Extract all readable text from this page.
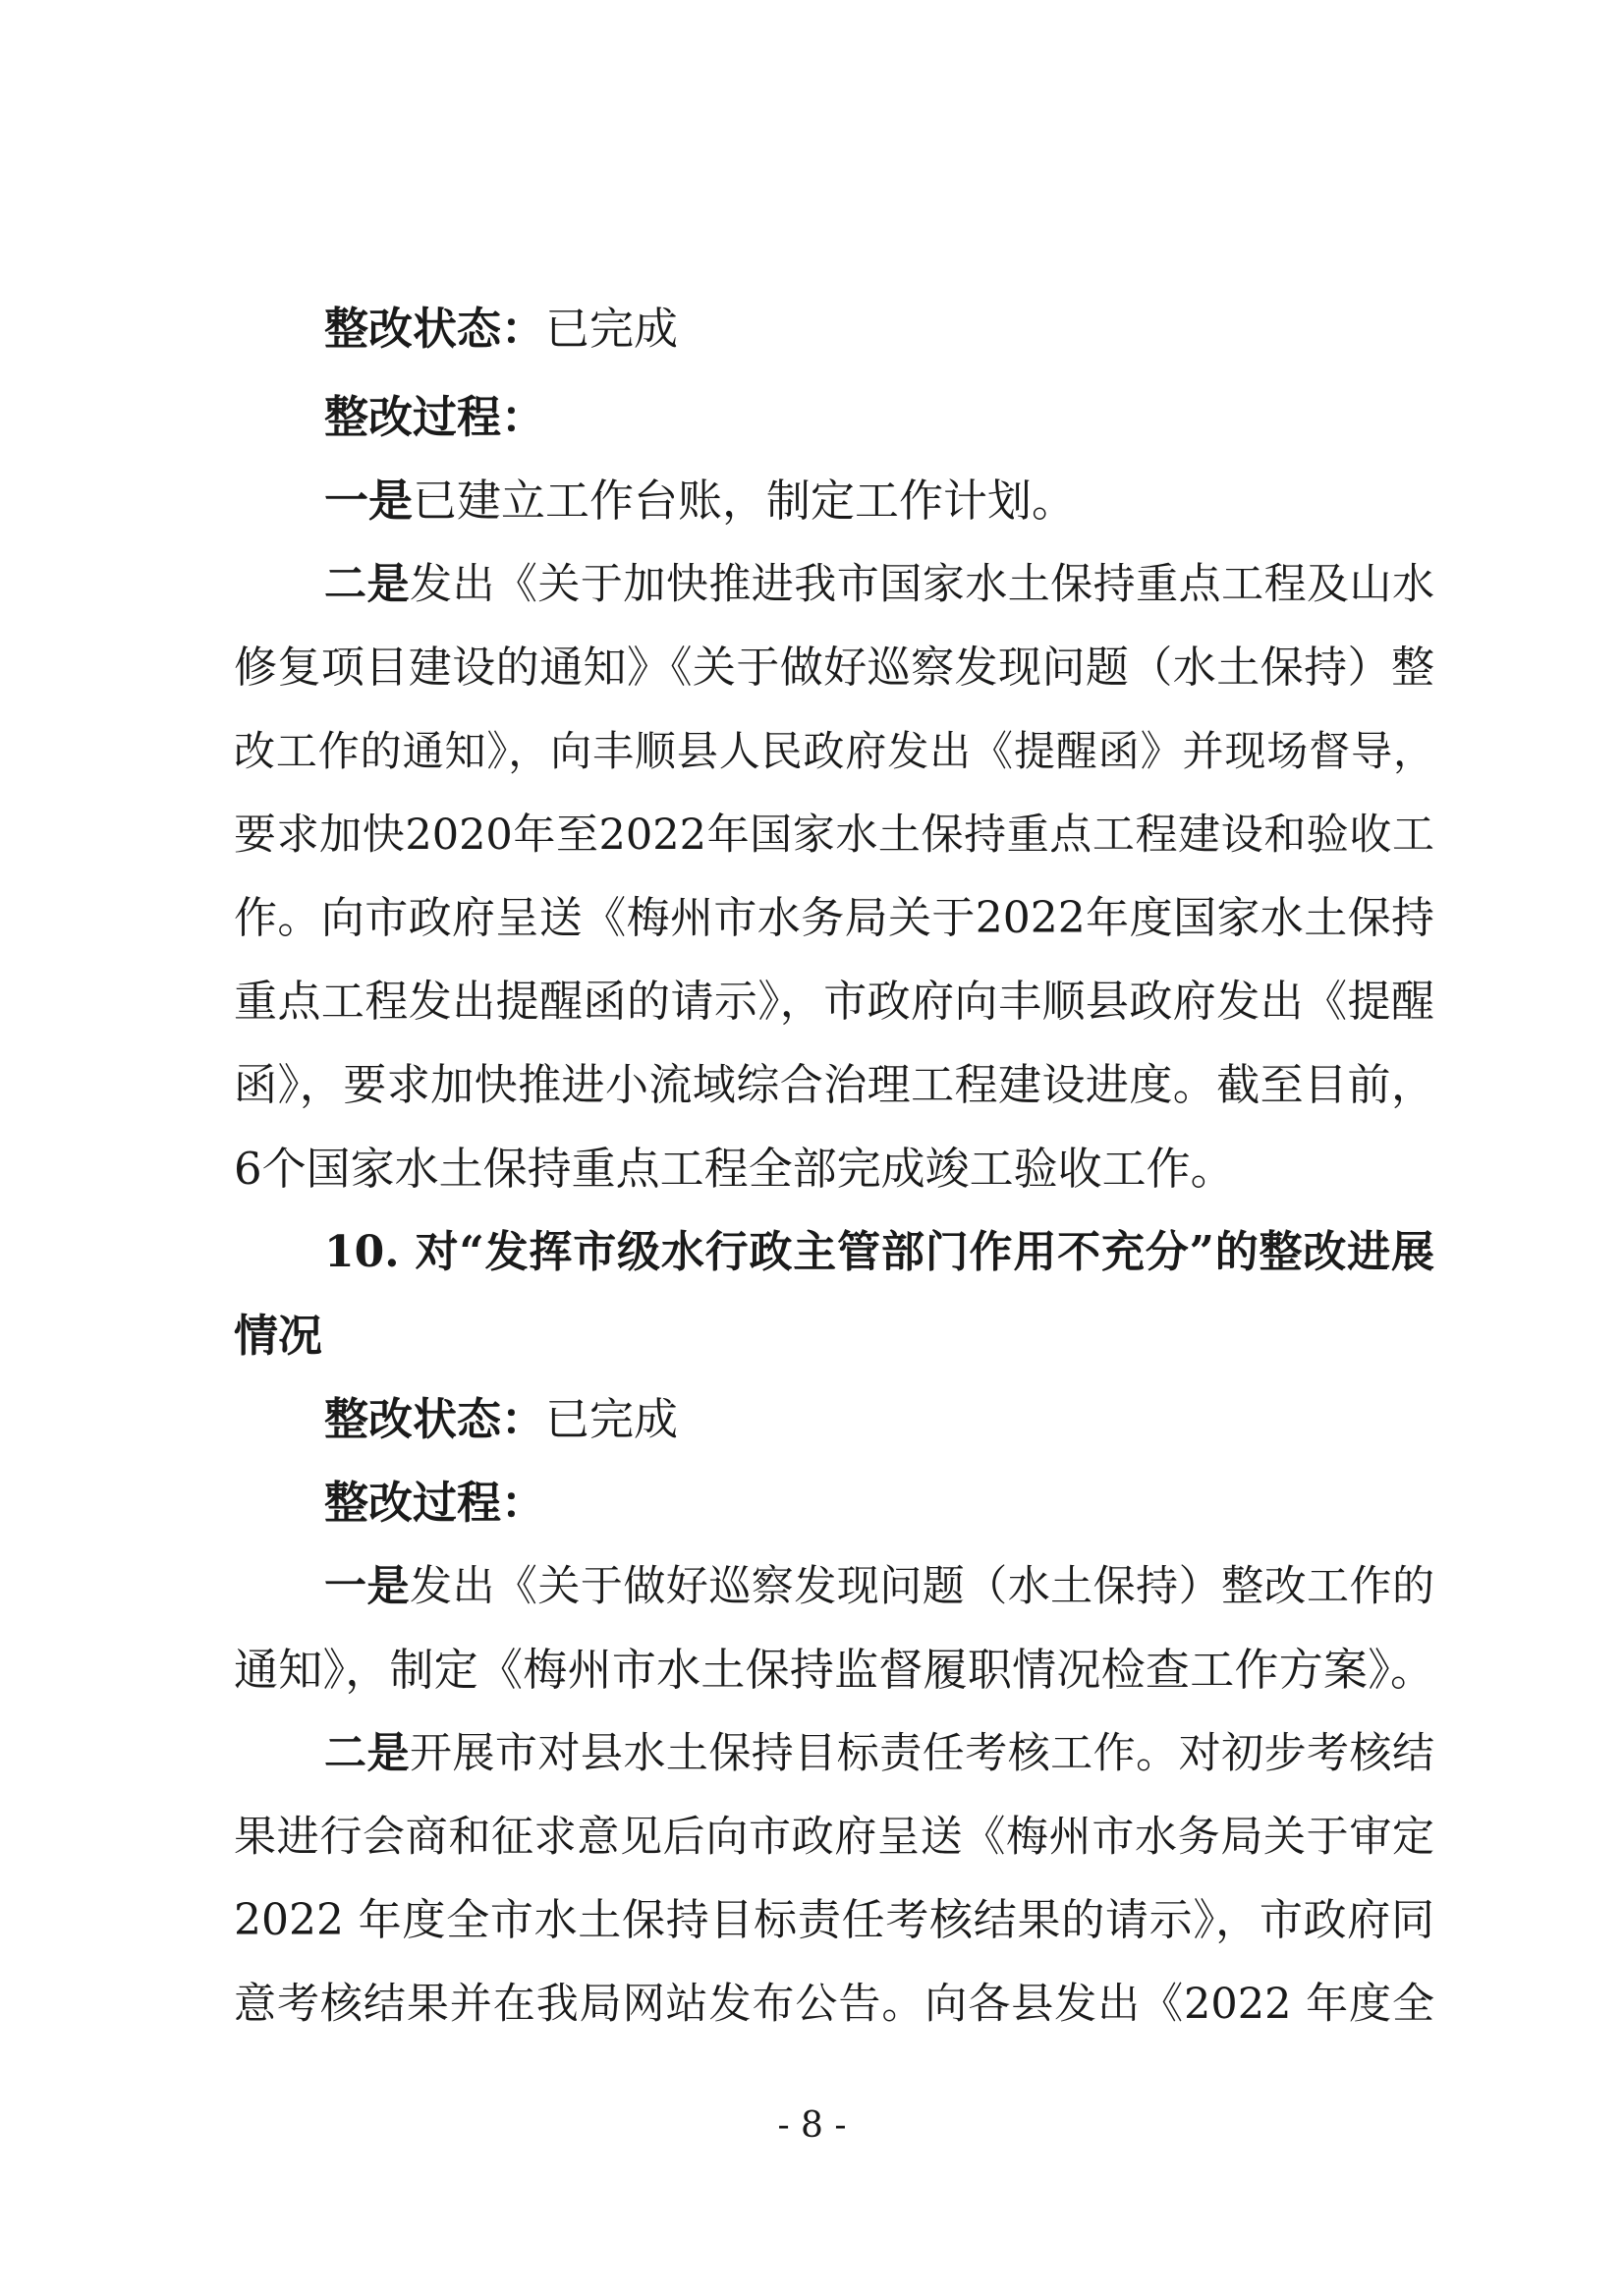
整改状态：已完成
整改过程：
一是已建立工作台账，制定工作计划。
二是发出《关于加快推进我市国家水土保持重点工程及山水
修复项目建设的通知》《关于做好巡察发现问题（水土保持）整
改工作的通知》，向丰顺县人民政府发出《提醒函》并现场督导，
要求加快2020年至2022年国家水土保持重点工程建设和验收工
作。向市政府呈送《梅州市水务局关于2022年度国家水土保持
重点工程发出提醒函的请示》，市政府向丰顺县政府发出《提醒
函》，要求加快推进小流域综合治理工程建设进度。截至目前，
6个国家水土保持重点工程全部完成竣工验收工作。
10. 对“发挥市级水行政主管部门作用不充分”的整改进展
情况
整改状态：已完成
整改过程：
一是发出《关于做好巡察发现问题（水土保持）整改工作的
通知》，制定《梅州市水土保持监督履职情况检查工作方案》。
二是开展市对县水土保持目标责任考核工作。对初步考核结
果进行会商和征求意见后向市政府呈送《梅州市水务局关于审定
2022 年度全市水土保持目标责任考核结果的请示》，市政府同
意考核结果并在我局网站发布公告。向各县发出《2022 年度全
- 8 -
